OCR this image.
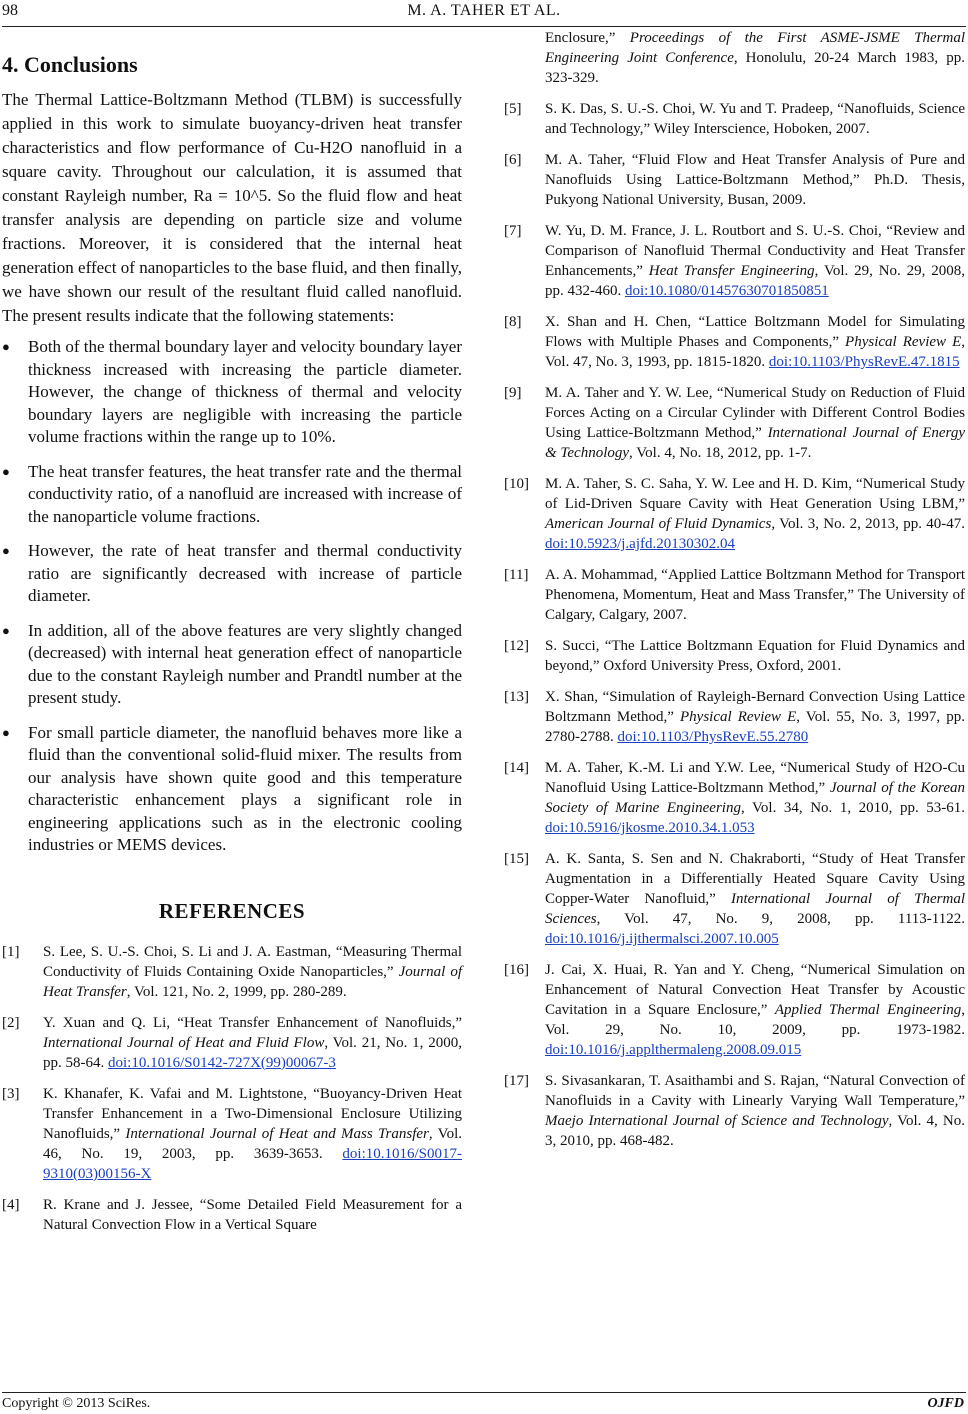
98	M. A. TAHER ET AL.
4. Conclusions

The Thermal Lattice-Boltzmann Method (TLBM) is successfully applied in this work to simulate buoyancy-driven heat transfer characteristics and flow performance of Cu-H2O nanofluid in a square cavity. Throughout our calculation, it is assumed that constant Rayleigh number, Ra = 10^5. So the fluid flow and heat transfer analysis are depending on particle size and volume fractions. Moreover, it is considered that the internal heat generation effect of nanoparticles to the base fluid, and then finally, we have shown our result of the resultant fluid called nanofluid. The present results indicate that the following statements:

●	Both of the thermal boundary layer and velocity boundary layer thickness increased with increasing the particle diameter. However, the change of thickness of thermal and velocity boundary layers are negligible with increasing the particle volume fractions within the range up to 10%.
●	The heat transfer features, the heat transfer rate and the thermal conductivity ratio, of a nanofluid are increased with increase of the nanoparticle volume fractions.
●	However, the rate of heat transfer and thermal conductivity ratio are significantly decreased with increase of particle diameter.
●	In addition, all of the above features are very slightly changed (decreased) with internal heat generation effect of nanoparticle due to the constant Rayleigh number and Prandtl number at the present study.
●	For small particle diameter, the nanofluid behaves more like a fluid than the conventional solid-fluid mixer. The results from our analysis have shown quite good and this temperature characteristic enhancement plays a significant role in engineering applications such as in the electronic cooling industries or MEMS devices.
REFERENCES
[1]	S. Lee, S. U.-S. Choi, S. Li and J. A. Eastman, “Measuring Thermal Conductivity of Fluids Containing Oxide Nanoparticles,” Journal of Heat Transfer, Vol. 121, No. 2, 1999, pp. 280-289.
[2]	Y. Xuan and Q. Li, “Heat Transfer Enhancement of Nanofluids,” International Journal of Heat and Fluid Flow, Vol. 21, No. 1, 2000, pp. 58-64. doi:10.1016/S0142-727X(99)00067-3
[3]	K. Khanafer, K. Vafai and M. Lightstone, “Buoyancy-Driven Heat Transfer Enhancement in a Two-Dimensional Enclosure Utilizing Nanofluids,” International Journal of Heat and Mass Transfer, Vol. 46, No. 19, 2003, pp. 3639-3653. doi:10.1016/S0017-9310(03)00156-X
[4]	R. Krane and J. Jessee, “Some Detailed Field Measurement for a Natural Convection Flow in a Vertical Square
Enclosure,” Proceedings of the First ASME-JSME Thermal Engineering Joint Conference, Honolulu, 20-24 March 1983, pp. 323-329.
[5]	S. K. Das, S. U.-S. Choi, W. Yu and T. Pradeep, “Nanofluids, Science and Technology,” Wiley Interscience, Hoboken, 2007.
[6]	M. A. Taher, “Fluid Flow and Heat Transfer Analysis of Pure and Nanofluids Using Lattice-Boltzmann Method,” Ph.D. Thesis, Pukyong National University, Busan, 2009.
[7]	W. Yu, D. M. France, J. L. Routbort and S. U.-S. Choi, “Review and Comparison of Nanofluid Thermal Conductivity and Heat Transfer Enhancements,” Heat Transfer Engineering, Vol. 29, No. 29, 2008, pp. 432-460. doi:10.1080/01457630701850851
[8]	X. Shan and H. Chen, “Lattice Boltzmann Model for Simulating Flows with Multiple Phases and Components,” Physical Review E, Vol. 47, No. 3, 1993, pp. 1815-1820. doi:10.1103/PhysRevE.47.1815
[9]	M. A. Taher and Y. W. Lee, “Numerical Study on Reduction of Fluid Forces Acting on a Circular Cylinder with Different Control Bodies Using Lattice-Boltzmann Method,” International Journal of Energy & Technology, Vol. 4, No. 18, 2012, pp. 1-7.
[10]	M. A. Taher, S. C. Saha, Y. W. Lee and H. D. Kim, “Numerical Study of Lid-Driven Square Cavity with Heat Generation Using LBM,” American Journal of Fluid Dynamics, Vol. 3, No. 2, 2013, pp. 40-47. doi:10.5923/j.ajfd.20130302.04
[11]	A. A. Mohammad, “Applied Lattice Boltzmann Method for Transport Phenomena, Momentum, Heat and Mass Transfer,” The University of Calgary, Calgary, 2007.
[12]	S. Succi, “The Lattice Boltzmann Equation for Fluid Dynamics and beyond,” Oxford University Press, Oxford, 2001.
[13]	X. Shan, “Simulation of Rayleigh-Bernard Convection Using Lattice Boltzmann Method,” Physical Review E, Vol. 55, No. 3, 1997, pp. 2780-2788. doi:10.1103/PhysRevE.55.2780
[14]	M. A. Taher, K.-M. Li and Y.W. Lee, “Numerical Study of H2O-Cu Nanofluid Using Lattice-Boltzmann Method,” Journal of the Korean Society of Marine Engineering, Vol. 34, No. 1, 2010, pp. 53-61. doi:10.5916/jkosme.2010.34.1.053
[15]	A. K. Santa, S. Sen and N. Chakraborti, “Study of Heat Transfer Augmentation in a Differentially Heated Square Cavity Using Copper-Water Nanofluid,” International Journal of Thermal Sciences, Vol. 47, No. 9, 2008, pp. 1113-1122. doi:10.1016/j.ijthermalsci.2007.10.005
[16]	J. Cai, X. Huai, R. Yan and Y. Cheng, “Numerical Simulation on Enhancement of Natural Convection Heat Transfer by Acoustic Cavitation in a Square Enclosure,” Applied Thermal Engineering, Vol. 29, No. 10, 2009, pp. 1973-1982. doi:10.1016/j.applthermaleng.2008.09.015
[17]	S. Sivasankaran, T. Asaithambi and S. Rajan, “Natural Convection of Nanofluids in a Cavity with Linearly Varying Wall Temperature,” Maejo International Journal of Science and Technology, Vol. 4, No. 3, 2010, pp. 468-482.
Copyright © 2013 SciRes.	OJFD
